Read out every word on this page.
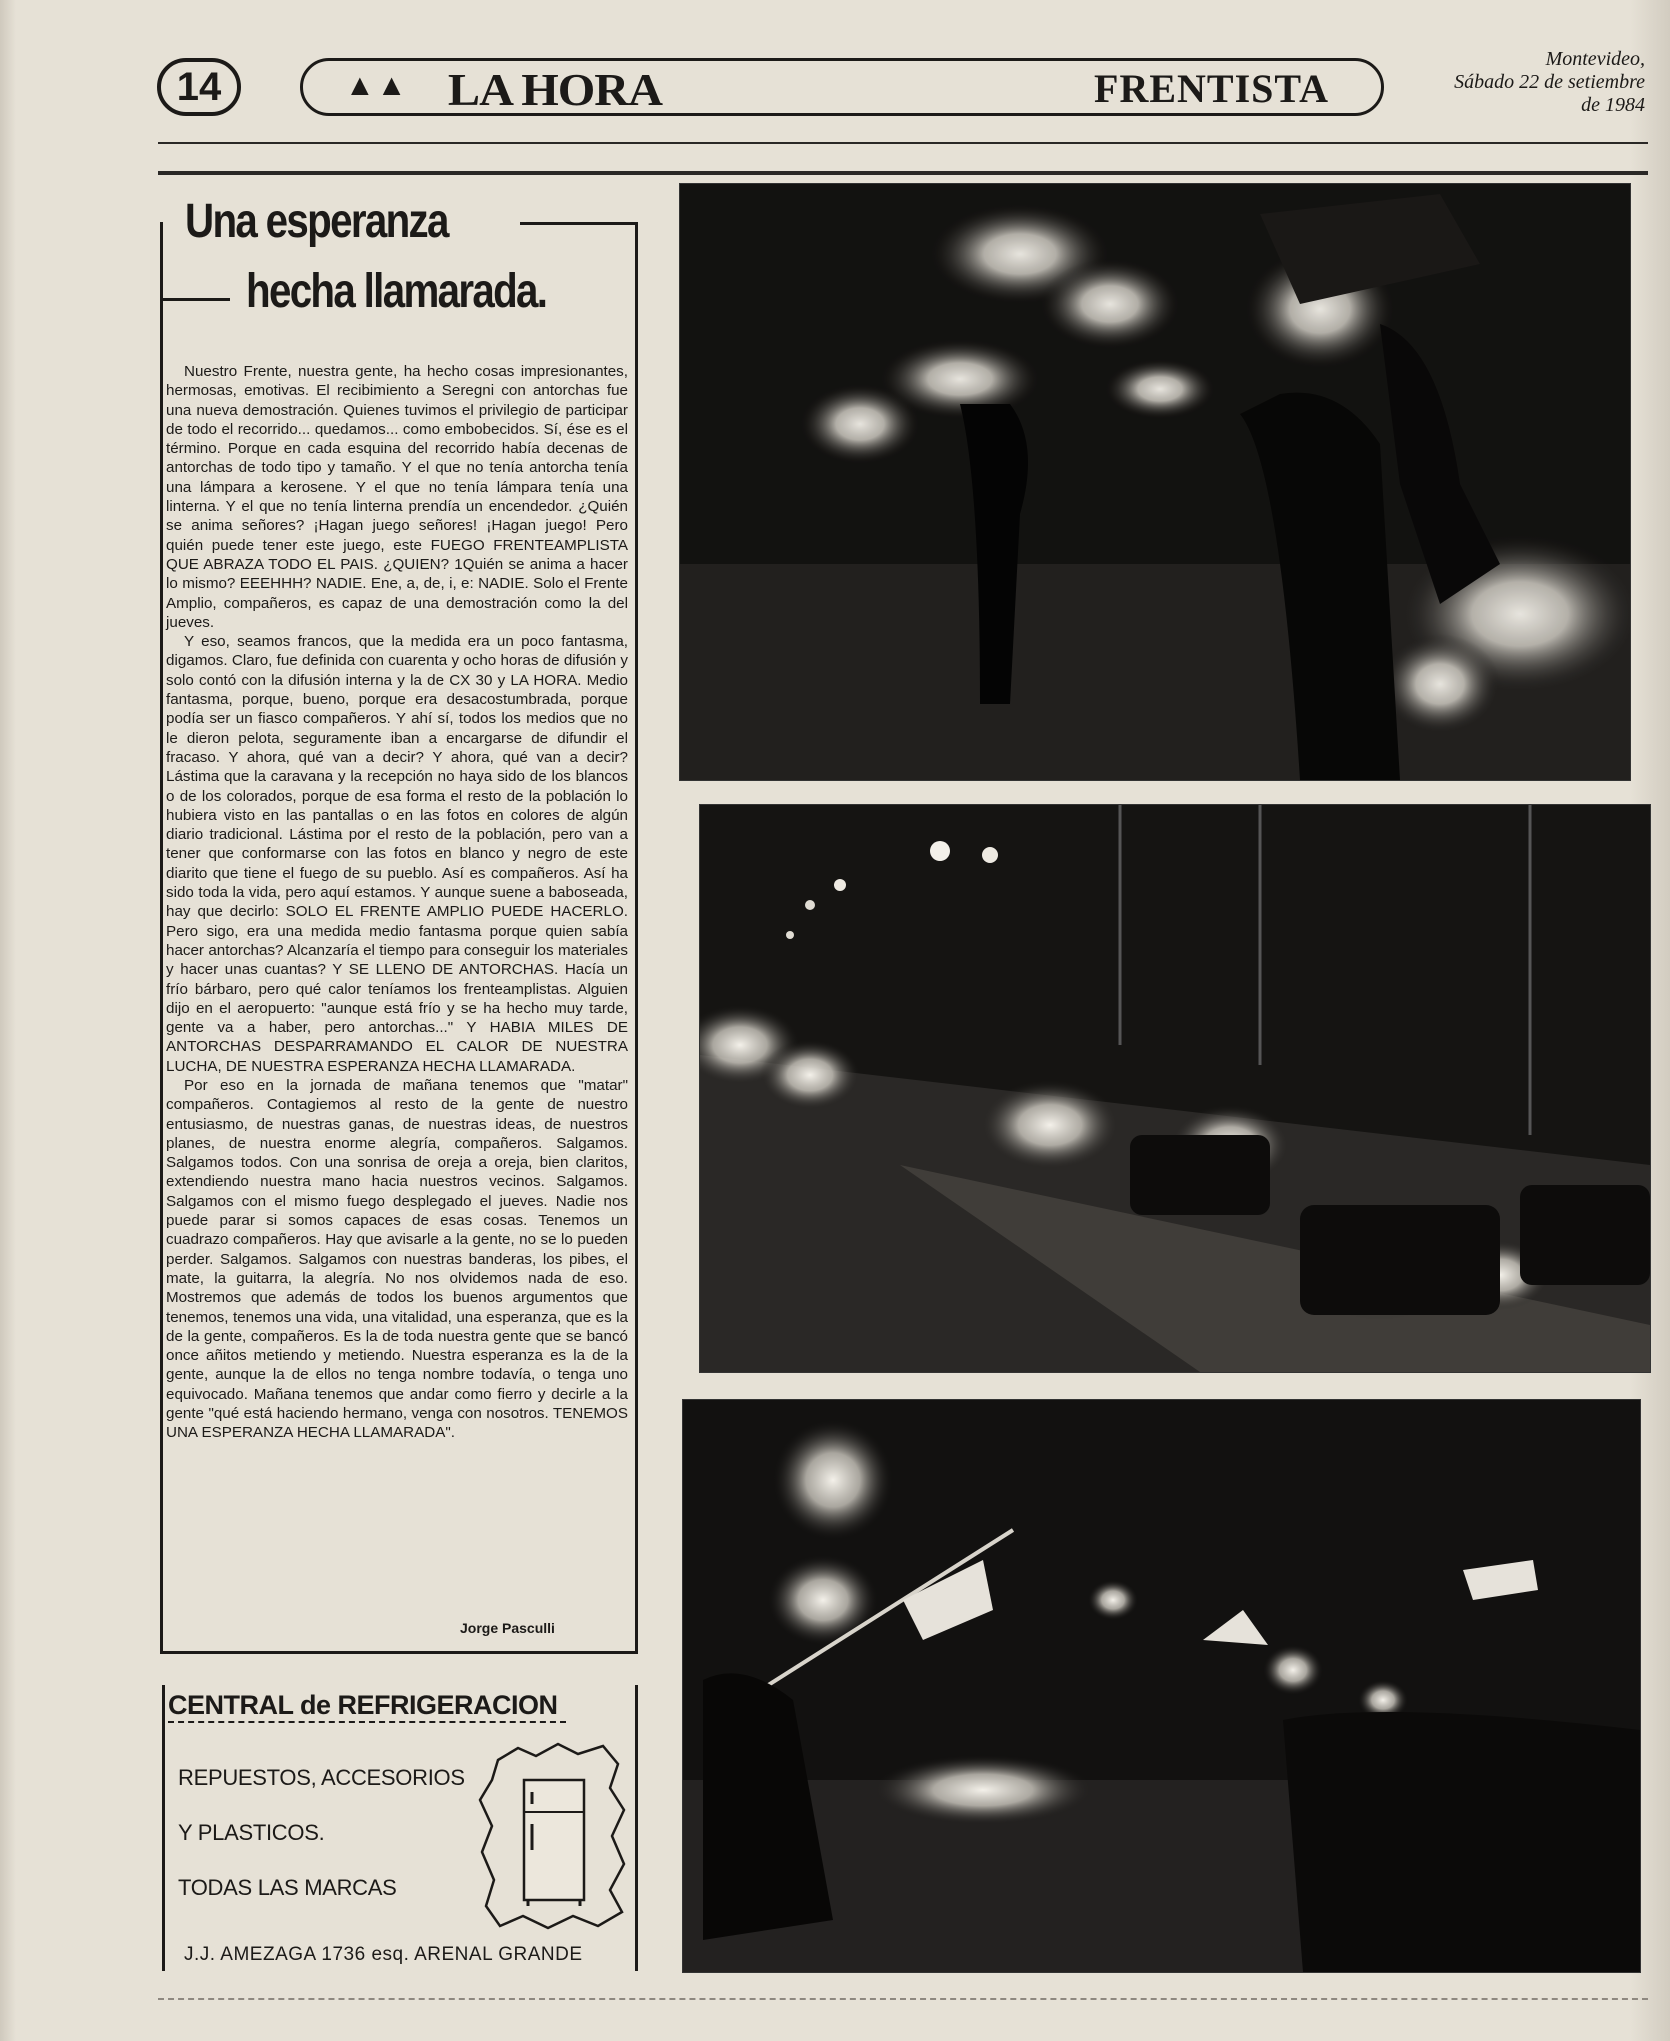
14	▲▲ LA HORA	FRENTISTA
Montevideo,
Sábado 22 de setiembre
de 1984
Una esperanza
hecha llamarada.

Nuestro Frente, nuestra gente, ha hecho cosas impresionantes, hermosas, emotivas. El recibimiento a Seregni con antorchas fue una nueva demostración. Quienes tuvimos el privilegio de participar de todo el recorrido... quedamos... como embobecidos. Sí, ése es el término. Porque en cada esquina del recorrido había decenas de antorchas de todo tipo y tamaño. Y el que no tenía antorcha tenía una lámpara a kerosene. Y el que no tenía lámpara tenía una linterna. Y el que no tenía linterna prendía un encendedor. ¿Quién se anima señores? ¡Hagan juego señores! ¡Hagan juego! Pero quién puede tener este juego, este FUEGO FRENTEAMPLISTA QUE ABRAZA TODO EL PAIS. ¿QUIEN? 1Quién se anima a hacer lo mismo? EEEHHH? NADIE. Ene, a, de, i, e: NADIE. Solo el Frente Amplio, compañeros, es capaz de una demostración como la del jueves.

Y eso, seamos francos, que la medida era un poco fantasma, digamos. Claro, fue definida con cuarenta y ocho horas de difusión y solo contó con la difusión interna y la de CX 30 y LA HORA. Medio fantasma, porque, bueno, porque era desacostumbrada, porque podía ser un fiasco compañeros. Y ahí sí, todos los medios que no le dieron pelota, seguramente iban a encargarse de difundir el fracaso. Y ahora, qué van a decir? Y ahora, qué van a decir? Lástima que la caravana y la recepción no haya sido de los blancos o de los colorados, porque de esa forma el resto de la población lo hubiera visto en las pantallas o en las fotos en colores de algún diario tradicional. Lástima por el resto de la población, pero van a tener que conformarse con las fotos en blanco y negro de este diarito que tiene el fuego de su pueblo. Así es compañeros. Así ha sido toda la vida, pero aquí estamos. Y aunque suene a baboseada, hay que decirlo: SOLO EL FRENTE AMPLIO PUEDE HACERLO. Pero sigo, era una medida medio fantasma porque quien sabía hacer antorchas? Alcanzaría el tiempo para conseguir los materiales y hacer unas cuantas? Y SE LLENO DE ANTORCHAS. Hacía un frío bárbaro, pero qué calor teníamos los frenteamplistas. Alguien dijo en el aeropuerto: "aunque está frío y se ha hecho muy tarde, gente va a haber, pero antorchas..." Y HABIA MILES DE ANTORCHAS DESPARRAMANDO EL CALOR DE NUESTRA LUCHA, DE NUESTRA ESPERANZA HECHA LLAMARADA.

Por eso en la jornada de mañana tenemos que "matar" compañeros. Contagiemos al resto de la gente de nuestro entusiasmo, de nuestras ganas, de nuestras ideas, de nuestros planes, de nuestra enorme alegría, compañeros. Salgamos. Salgamos todos. Con una sonrisa de oreja a oreja, bien claritos, extendiendo nuestra mano hacia nuestros vecinos. Salgamos. Salgamos con el mismo fuego desplegado el jueves. Nadie nos puede parar si somos capaces de esas cosas. Tenemos un cuadrazo compañeros. Hay que avisarle a la gente, no se lo pueden perder. Salgamos. Salgamos con nuestras banderas, los pibes, el mate, la guitarra, la alegría. No nos olvidemos nada de eso. Mostremos que además de todos los buenos argumentos que tenemos, tenemos una vida, una vitalidad, una esperanza, que es la de la gente, compañeros. Es la de toda nuestra gente que se bancó once añitos metiendo y metiendo. Nuestra esperanza es la de la gente, aunque la de ellos no tenga nombre todavía, o tenga uno equivocado. Mañana tenemos que andar como fierro y decirle a la gente "qué está haciendo hermano, venga con nosotros. TENEMOS UNA ESPERANZA HECHA LLAMARADA".

Jorge Pasculli
CENTRAL de REFRIGERACION
REPUESTOS, ACCESORIOS
Y PLASTICOS.
TODAS LAS MARCAS
J.J. AMEZAGA 1736 esq. ARENAL GRANDE
